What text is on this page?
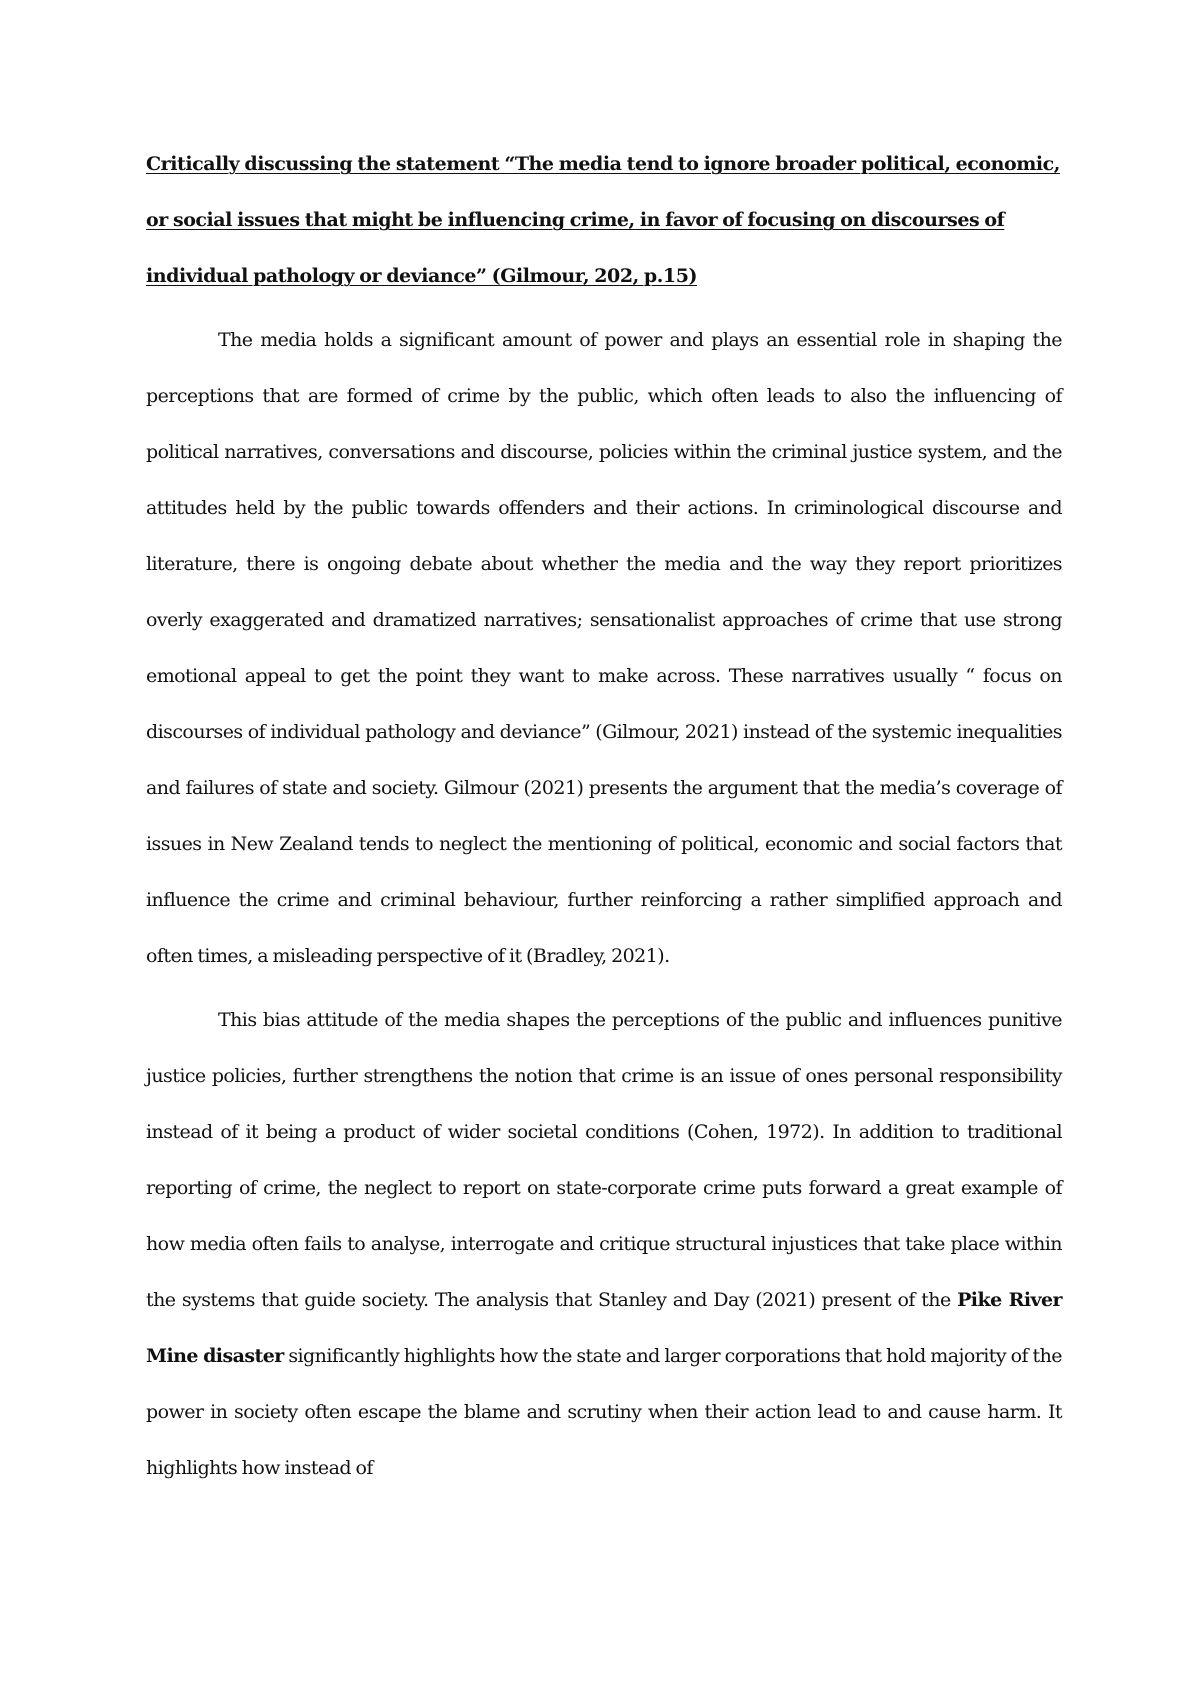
Critically discussing the statement “The media tend to ignore broader political, economic, or social issues that might be influencing crime, in favor of focusing on discourses of individual pathology or deviance” (Gilmour, 202, p.15)

The media holds a significant amount of power and plays an essential role in shaping the perceptions that are formed of crime by the public, which often leads to also the influencing of political narratives, conversations and discourse, policies within the criminal justice system, and the attitudes held by the public towards offenders and their actions. In criminological discourse and literature, there is ongoing debate about whether the media and the way they report prioritizes overly exaggerated and dramatized narratives; sensationalist approaches of crime that use strong emotional appeal to get the point they want to make across. These narratives usually “ focus on discourses of individual pathology and deviance” (Gilmour, 2021) instead of the systemic inequalities and failures of state and society. Gilmour (2021) presents the argument that the media’s coverage of issues in New Zealand tends to neglect the mentioning of political, economic and social factors that influence the crime and criminal behaviour, further reinforcing a rather simplified approach and often times, a misleading perspective of it (Bradley, 2021).

This bias attitude of the media shapes the perceptions of the public and influences punitive justice policies, further strengthens the notion that crime is an issue of ones personal responsibility instead of it being a product of wider societal conditions (Cohen, 1972). In addition to traditional reporting of crime, the neglect to report on state-corporate crime puts forward a great example of how media often fails to analyse, interrogate and critique structural injustices that take place within the systems that guide society. The analysis that Stanley and Day (2021) present of the Pike River Mine disaster significantly highlights how the state and larger corporations that hold majority of the power in society often escape the blame and scrutiny when their action lead to and cause harm. It highlights how instead of
